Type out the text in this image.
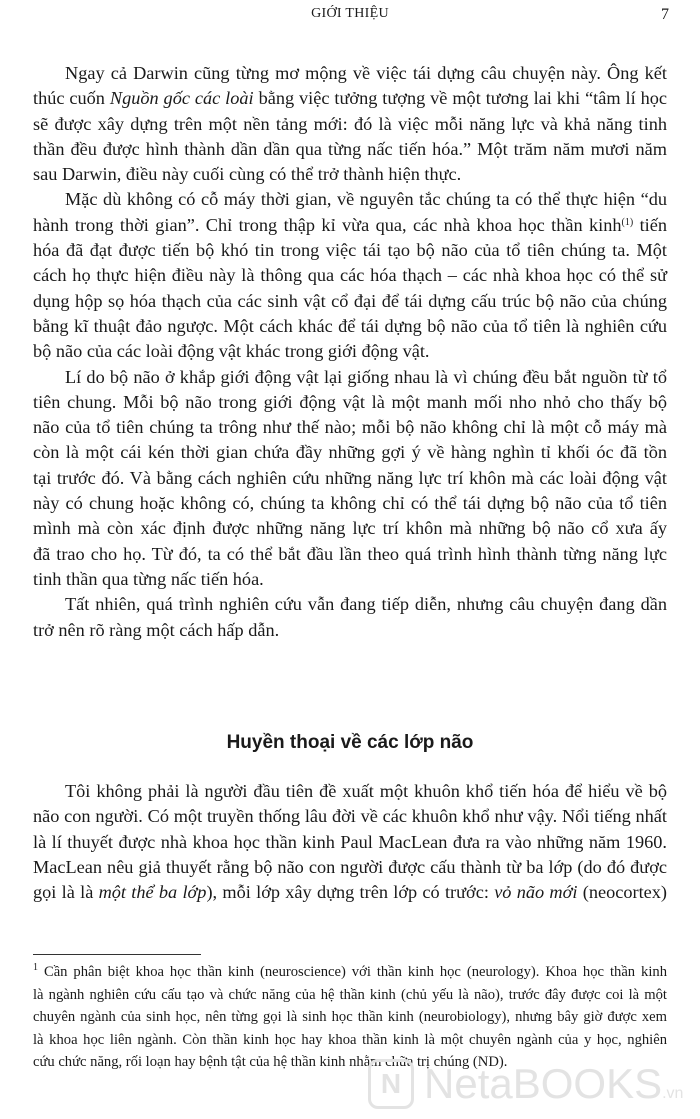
GIỚI THIỆU	7
Ngay cả Darwin cũng từng mơ mộng về việc tái dựng câu chuyện này. Ông kết
thúc cuốn Nguồn gốc các loài bằng việc tưởng tượng về một tương lai khi “tâm lí học
sẽ được xây dựng trên một nền tảng mới: đó là việc mỗi năng lực và khả năng tinh
thần đều được hình thành dần dần qua từng nấc tiến hóa.” Một trăm năm mươi năm
sau Darwin, điều này cuối cùng có thể trở thành hiện thực.
Mặc dù không có cỗ máy thời gian, về nguyên tắc chúng ta có thể thực hiện “du
hành trong thời gian”. Chỉ trong thập kỉ vừa qua, các nhà khoa học thần kinh$^{(1)}$ tiến
hóa đã đạt được tiến bộ khó tin trong việc tái tạo bộ não của tổ tiên chúng ta. Một
cách họ thực hiện điều này là thông qua các hóa thạch – các nhà khoa học có thể sử
dụng hộp sọ hóa thạch của các sinh vật cổ đại để tái dựng cấu trúc bộ não của chúng
bằng kĩ thuật đảo ngược. Một cách khác để tái dựng bộ não của tổ tiên là nghiên cứu
bộ não của các loài động vật khác trong giới động vật.
Lí do bộ não ở khắp giới động vật lại giống nhau là vì chúng đều bắt nguồn từ tổ
tiên chung. Mỗi bộ não trong giới động vật là một manh mối nho nhỏ cho thấy bộ
não của tổ tiên chúng ta trông như thế nào; mỗi bộ não không chỉ là một cỗ máy mà
còn là một cái kén thời gian chứa đầy những gợi ý về hàng nghìn tỉ khối óc đã tồn
tại trước đó. Và bằng cách nghiên cứu những năng lực trí khôn mà các loài động vật
này có chung hoặc không có, chúng ta không chỉ có thể tái dựng bộ não của tổ tiên
mình mà còn xác định được những năng lực trí khôn mà những bộ não cổ xưa ấy
đã trao cho họ. Từ đó, ta có thể bắt đầu lần theo quá trình hình thành từng năng lực
tinh thần qua từng nấc tiến hóa.
Tất nhiên, quá trình nghiên cứu vẫn đang tiếp diễn, nhưng câu chuyện đang dần
trở nên rõ ràng một cách hấp dẫn.
Huyền thoại về các lớp não
Tôi không phải là người đầu tiên đề xuất một khuôn khổ tiến hóa để hiểu về bộ
não con người. Có một truyền thống lâu đời về các khuôn khổ như vậy. Nổi tiếng nhất
là lí thuyết được nhà khoa học thần kinh Paul MacLean đưa ra vào những năm 1960.
MacLean nêu giả thuyết rằng bộ não con người được cấu thành từ ba lớp (do đó được
gọi là là một thể ba lớp), mỗi lớp xây dựng trên lớp có trước: vỏ não mới (neocortex)
$^1$ Cần phân biệt khoa học thần kinh (neuroscience) với thần kinh học (neurology). Khoa học thần kinh
là ngành nghiên cứu cấu tạo và chức năng của hệ thần kinh (chủ yếu là não), trước đây được coi là một
chuyên ngành của sinh học, nên từng gọi là sinh học thần kinh (neurobiology), nhưng bây giờ được xem
là khoa học liên ngành. Còn thần kinh học hay khoa thần kinh là một chuyên ngành của y học, nghiên
cứu chức năng, rối loạn hay bệnh tật của hệ thần kinh nhằm chữa trị chúng (ND).
N NetaBOOKS.vn
